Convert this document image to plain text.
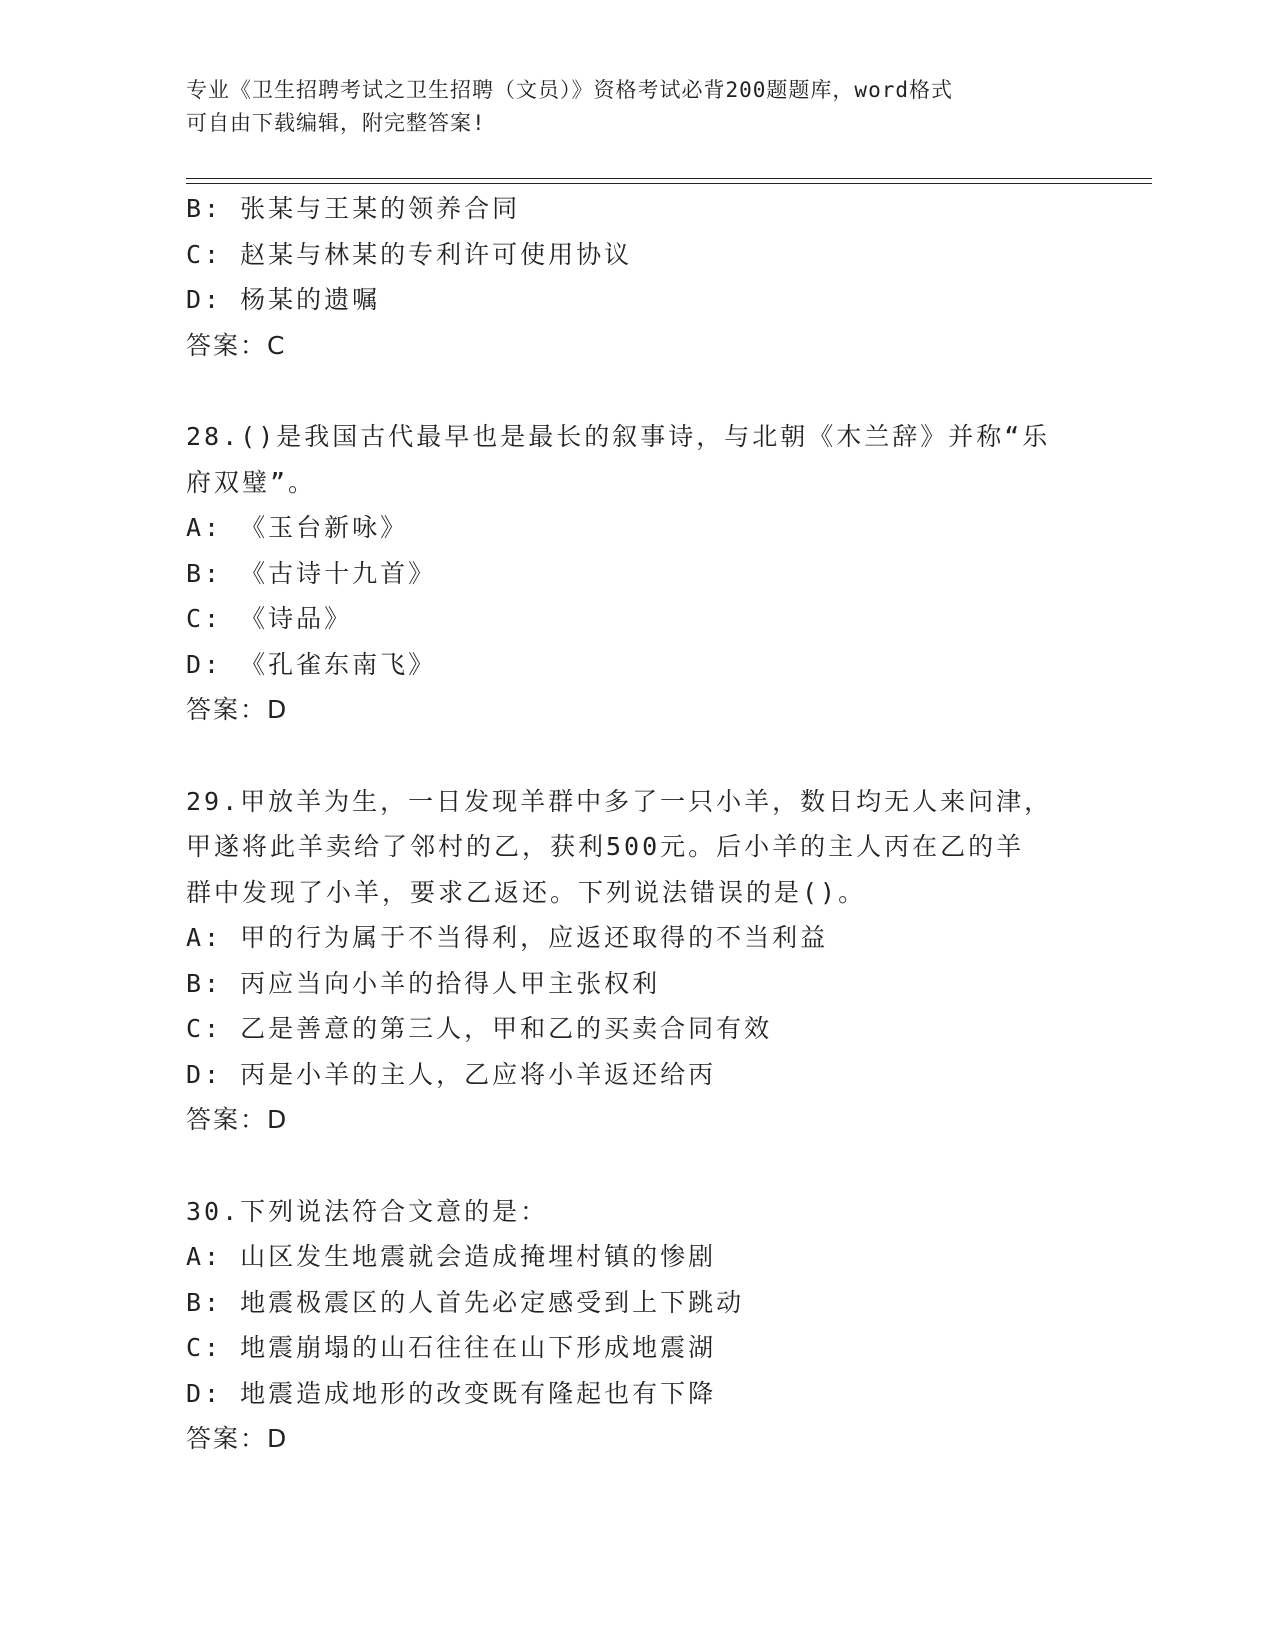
专业《卫生招聘考试之卫生招聘（文员）》资格考试必背200题题库，word格式

可自由下载编辑，附完整答案!

B: 张某与王某的领养合同

C: 赵某与林某的专利许可使用协议

D: 杨某的遗嘱

答案：C

28.()是我国古代最早也是最长的叙事诗，与北朝《木兰辞》并称“乐

府双璧”。

A: 《玉台新咏》

B: 《古诗十九首》

C: 《诗品》

D: 《孔雀东南飞》

答案：D

29.甲放羊为生，一日发现羊群中多了一只小羊，数日均无人来问津，

甲遂将此羊卖给了邻村的乙，获利500元。后小羊的主人丙在乙的羊

群中发现了小羊，要求乙返还。下列说法错误的是()。

A: 甲的行为属于不当得利，应返还取得的不当利益

B: 丙应当向小羊的拾得人甲主张权利

C: 乙是善意的第三人，甲和乙的买卖合同有效

D: 丙是小羊的主人，乙应将小羊返还给丙

答案：D

30.下列说法符合文意的是：

A: 山区发生地震就会造成掩埋村镇的惨剧

B: 地震极震区的人首先必定感受到上下跳动

C: 地震崩塌的山石往往在山下形成地震湖

D: 地震造成地形的改变既有隆起也有下降

答案：D
